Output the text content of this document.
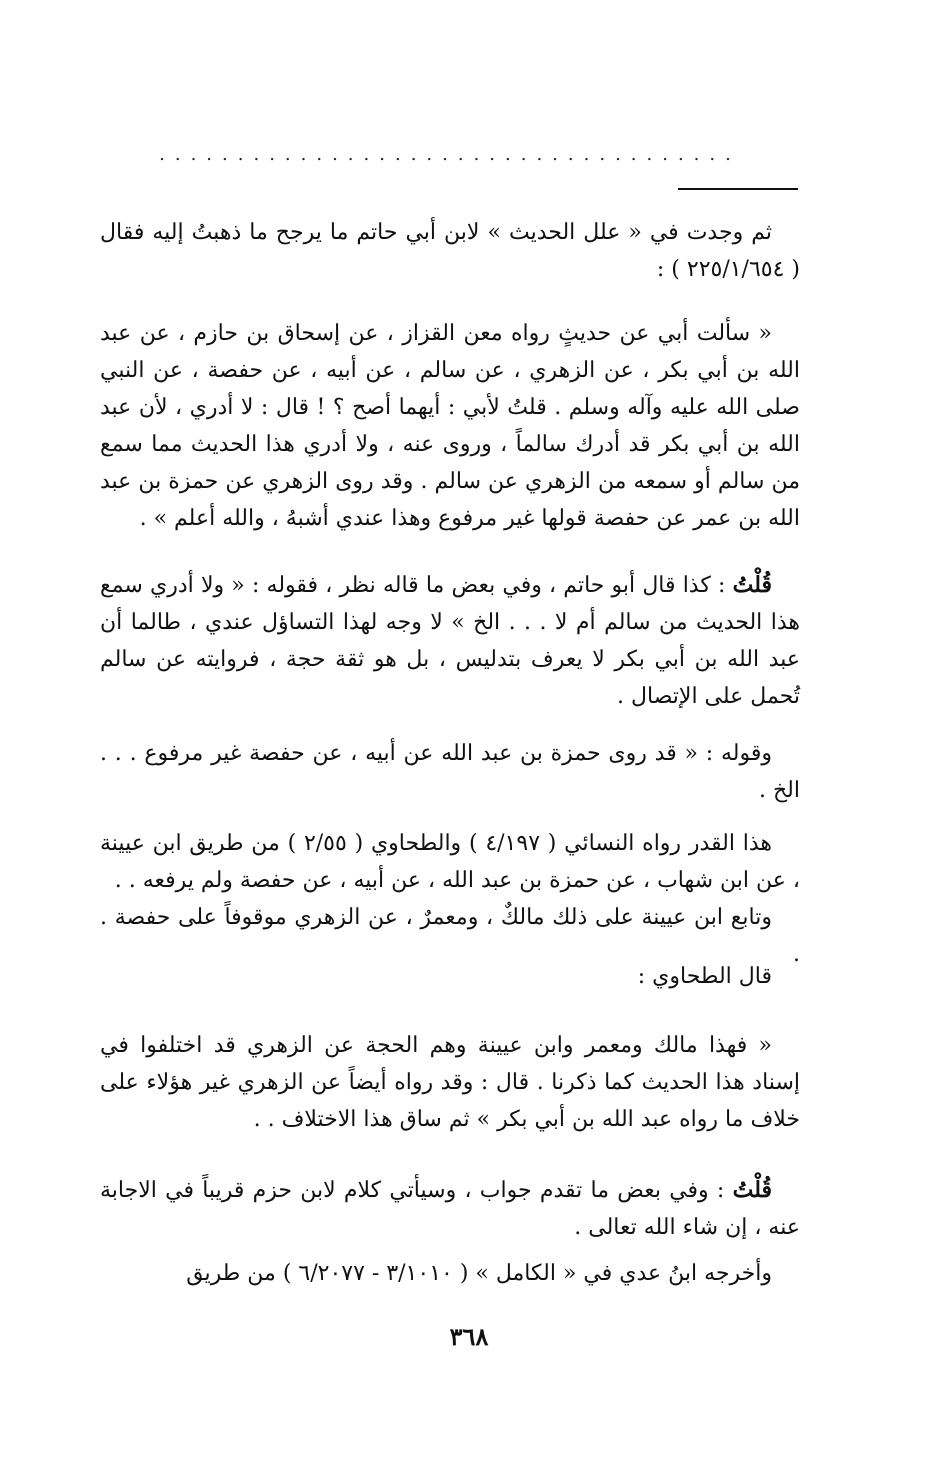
.....................................

ثم وجدت في « علل الحديث » لابن أبي حاتم ما يرجح ما ذهبتُ إليه فقال ( ٢٢٥/١/٦٥٤ ) :

« سألت أبي عن حديثٍ رواه معن القزاز ، عن إسحاق بن حازم ، عن عبد الله بن أبي بكر ، عن الزهري ، عن سالم ، عن أبيه ، عن حفصة ، عن النبي صلى الله عليه وآله وسلم . قلتُ لأبي : أيهما أصح ؟ ! قال : لا أدري ، لأن عبد الله بن أبي بكر قد أدرك سالماً ، وروى عنه ، ولا أدري هذا الحديث مما سمع من سالم أو سمعه من الزهري عن سالم . وقد روى الزهري عن حمزة بن عبد الله بن عمر عن حفصة قولها غير مرفوع وهذا عندي أشبهُ ، والله أعلم » .

قُلْتُ : كذا قال أبو حاتم ، وفي بعض ما قاله نظر ، فقوله : « ولا أدري سمع هذا الحديث من سالم أم لا . . . الخ » لا وجه لهذا التساؤل عندي ، طالما أن عبد الله بن أبي بكر لا يعرف بتدليس ، بل هو ثقة حجة ، فروايته عن سالم تُحمل على الإتصال .

وقوله : « قد روى حمزة بن عبد الله عن أبيه ، عن حفصة غير مرفوع . . . الخ .

هذا القدر رواه النسائي ( ٤/١٩٧ ) والطحاوي ( ٢/٥٥ ) من طريق ابن عيينة ، عن ابن شهاب ، عن حمزة بن عبد الله ، عن أبيه ، عن حفصة ولم يرفعه . .

وتابع ابن عيينة على ذلك مالكٌ ، ومعمرٌ ، عن الزهري موقوفاً على حفصة . .

قال الطحاوي :

« فهذا مالك ومعمر وابن عيينة وهم الحجة عن الزهري قد اختلفوا في إسناد هذا الحديث كما ذكرنا . قال : وقد رواه أيضاً عن الزهري غير هؤلاء على خلاف ما رواه عبد الله بن أبي بكر » ثم ساق هذا الاختلاف . .

قُلْتُ : وفي بعض ما تقدم جواب ، وسيأتي كلام لابن حزم قريباً في الاجابة عنه ، إن شاء الله تعالى .

وأخرجه ابنُ عدي في « الكامل » ( ٣/١٠١٠ - ٦/٢٠٧٧ ) من طريق

٣٦٨
